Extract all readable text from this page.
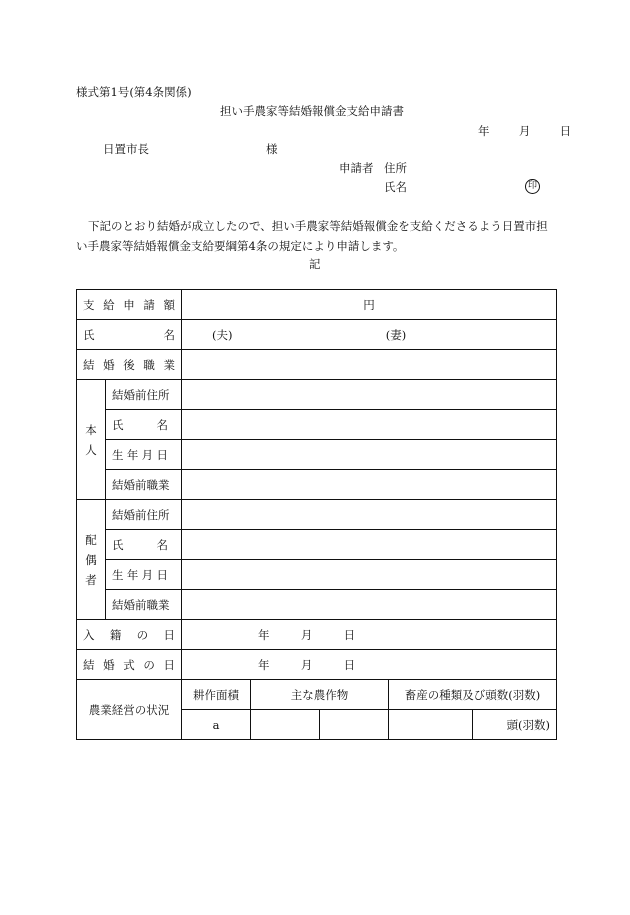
様式第1号(第4条関係)
担い手農家等結婚報償金支給申請書
年	月	日
日置市長	様
申請者 住所
氏名	印
下記のとおり結婚が成立したので、担い手農家等結婚報償金を支給くださるよう日置市担い手農家等結婚報償金支給要綱第4条の規定により申請します。
記
支 給 申 請 額		円				

氏 名		(夫) (妻)				

結 婚 後 職 業						

本
人	結婚前住所					

	氏 名					

	生 年 月 日					

	結婚前職業					

配
偶
者	結婚前住所					

	氏 名					

	生 年 月 日					

	結婚前職業					

入 籍 の 日		年 月 日				

結 婚 式 の 日		年 月 日				
農業経営の状況		耕作面積	主な農作物		畜産の種類及び頭数(羽数)	
		a				頭(羽数)
